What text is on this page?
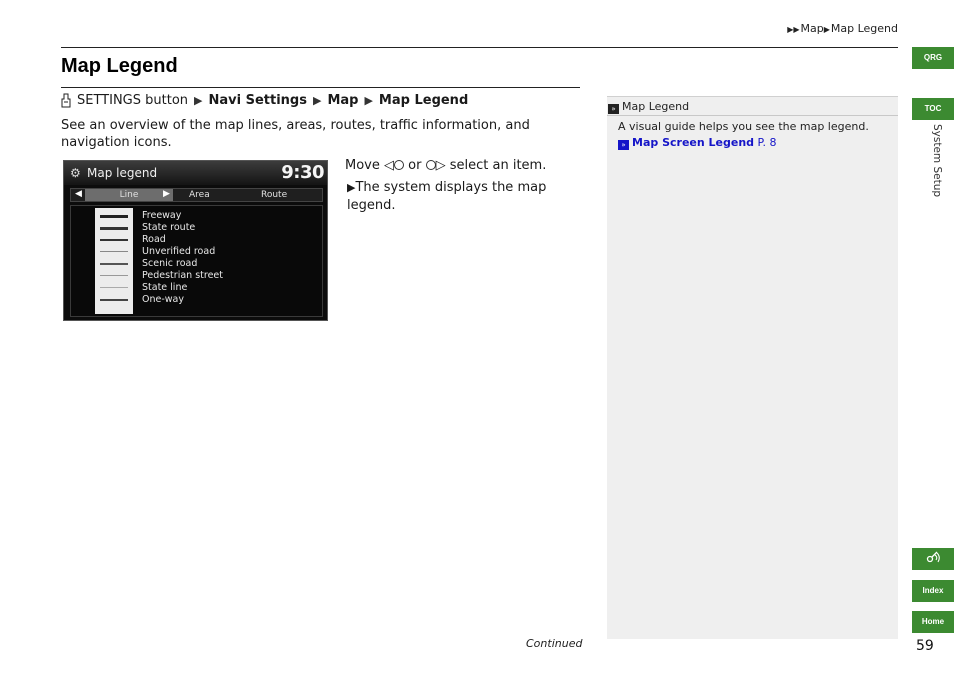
▶▶Map▶Map Legend
Map Legend
SETTINGS button ▶ Navi Settings ▶ Map ▶ Map Legend
See an overview of the map lines, areas, routes, traffic information, and navigation icons.
⚙ Map legend	9:30
◀	Line	▶ Area	Route
Freeway
State route
Road
Unverified road
Scenic road
Pedestrian street
State line
One-way
Move ◁ or ▷ select an item.
▶The system displays the map legend.
» Map Legend
A visual guide helps you see the map legend.
» Map Screen Legend P. 8
QRG
TOC
System Setup
Index
Home
Continued	59
